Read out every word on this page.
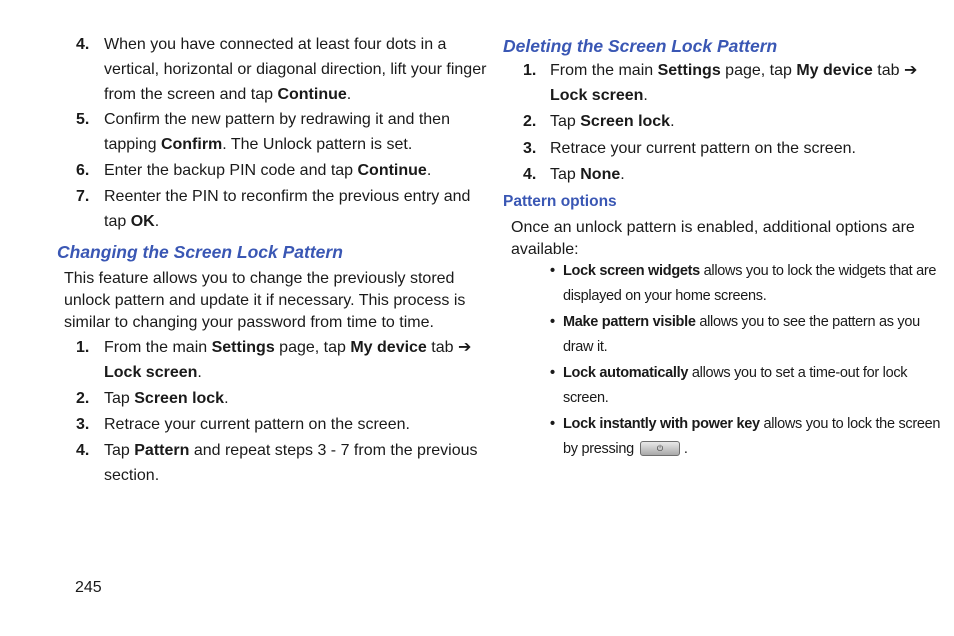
4. When you have connected at least four dots in a
vertical, horizontal or diagonal direction, lift your finger
from the screen and tap Continue.
5. Confirm the new pattern by redrawing it and then
tapping Confirm. The Unlock pattern is set.
6. Enter the backup PIN code and tap Continue.
7. Reenter the PIN to reconfirm the previous entry and
tap OK.
Changing the Screen Lock Pattern
This feature allows you to change the previously stored
unlock pattern and update it if necessary. This process is
similar to changing your password from time to time.
1. From the main Settings page, tap My device tab ➔
Lock screen.
2. Tap Screen lock.
3. Retrace your current pattern on the screen.
4. Tap Pattern and repeat steps 3 - 7 from the previous
section.
Deleting the Screen Lock Pattern
1. From the main Settings page, tap My device tab ➔
Lock screen.
2. Tap Screen lock.
3. Retrace your current pattern on the screen.
4. Tap None.
Pattern options
Once an unlock pattern is enabled, additional options are
available:
• Lock screen widgets allows you to lock the widgets that are
displayed on your home screens.
• Make pattern visible allows you to see the pattern as you
draw it.
• Lock automatically allows you to set a time-out for lock
screen.
• Lock instantly with power key allows you to lock the screen
by pressing	⏻ .
245
